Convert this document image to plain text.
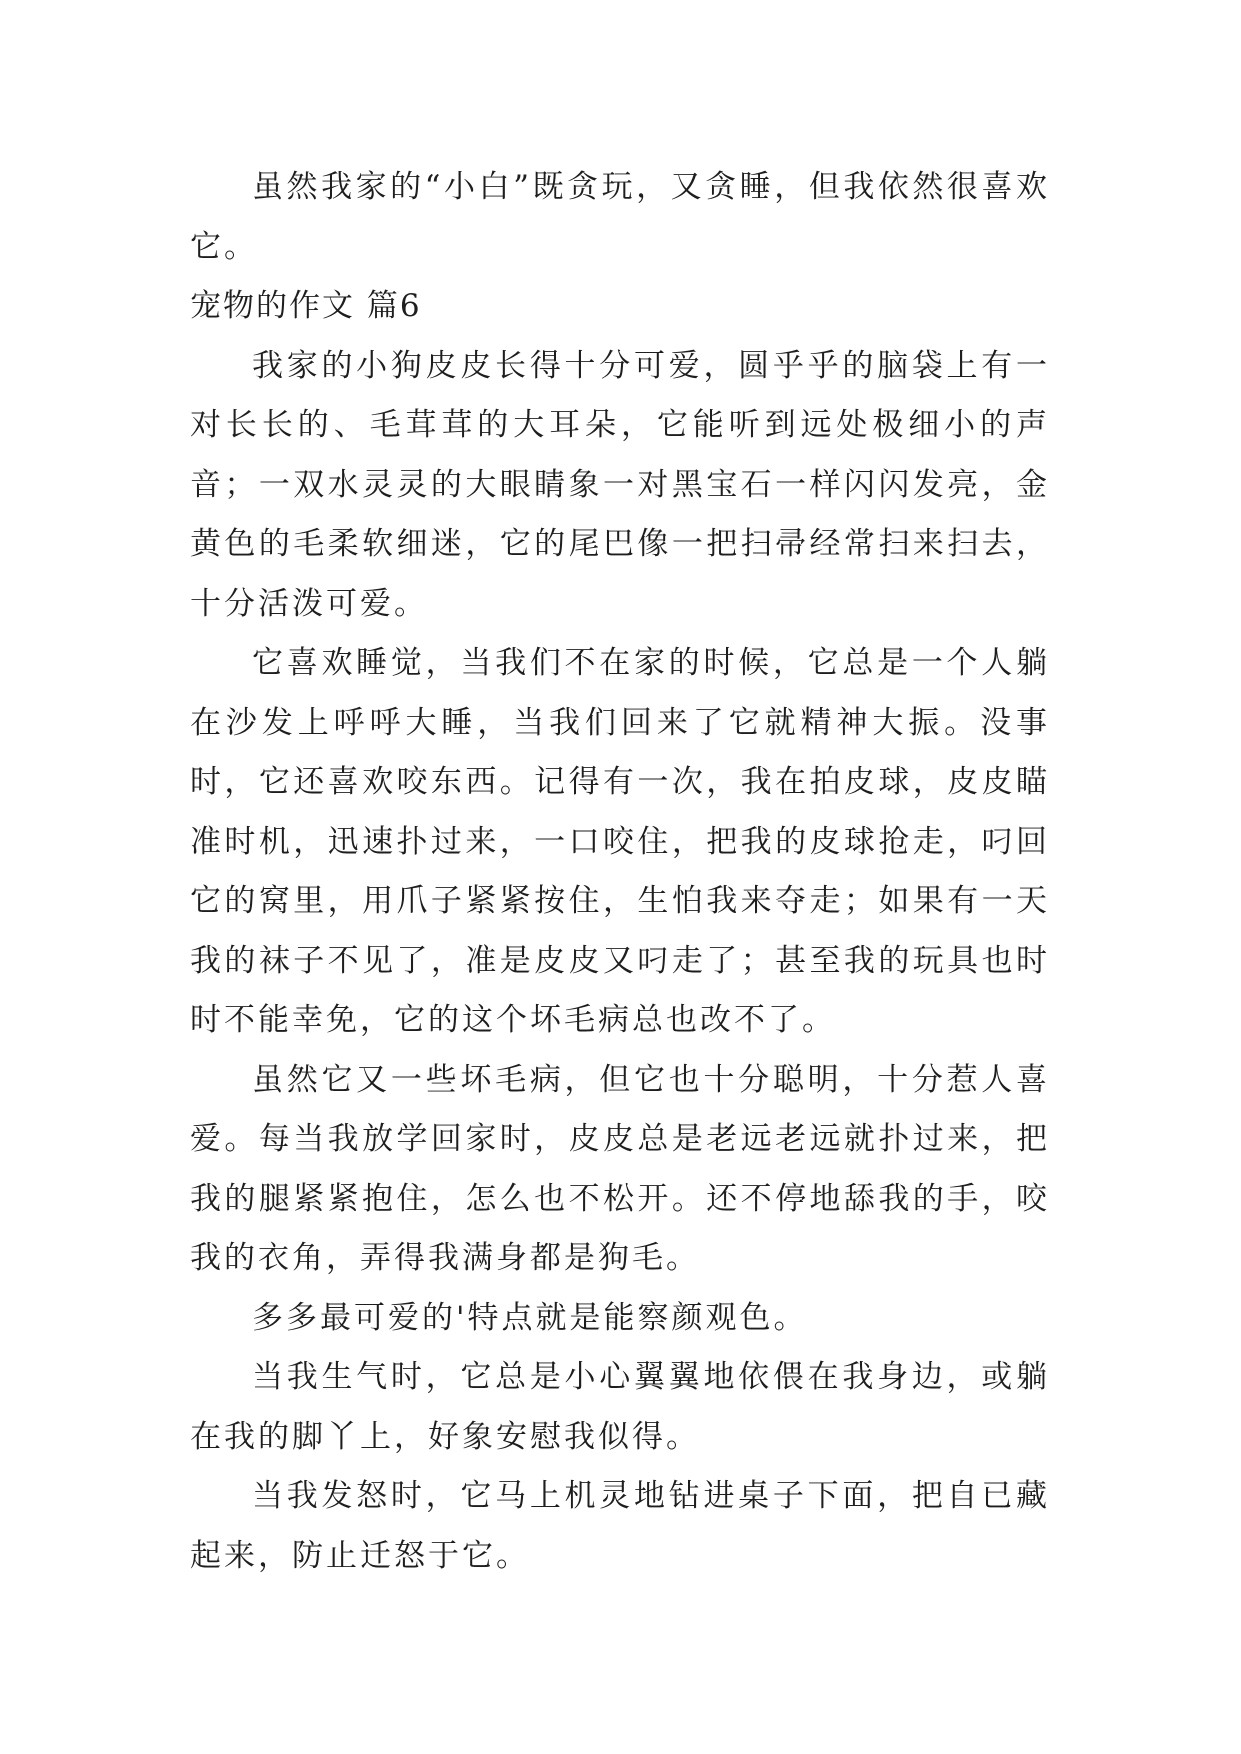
虽然我家的“小白”既贪玩，又贪睡，但我依然很喜欢它。

宠物的作文 篇6

我家的小狗皮皮长得十分可爱，圆乎乎的脑袋上有一对长长的、毛茸茸的大耳朵，它能听到远处极细小的声音；一双水灵灵的大眼睛象一对黑宝石一样闪闪发亮，金黄色的毛柔软细迷，它的尾巴像一把扫帚经常扫来扫去，十分活泼可爱。

它喜欢睡觉，当我们不在家的时候，它总是一个人躺在沙发上呼呼大睡，当我们回来了它就精神大振。没事时，它还喜欢咬东西。记得有一次，我在拍皮球，皮皮瞄准时机，迅速扑过来，一口咬住，把我的皮球抢走，叼回它的窝里，用爪子紧紧按住，生怕我来夺走；如果有一天我的袜子不见了，准是皮皮又叼走了；甚至我的玩具也时时不能幸免，它的这个坏毛病总也改不了。

虽然它又一些坏毛病，但它也十分聪明，十分惹人喜爱。每当我放学回家时，皮皮总是老远老远就扑过来，把我的腿紧紧抱住，怎么也不松开。还不停地舔我的手，咬我的衣角，弄得我满身都是狗毛。

多多最可爱的'特点就是能察颜观色。

当我生气时，它总是小心翼翼地依偎在我身边，或躺在我的脚丫上，好象安慰我似得。

当我发怒时，它马上机灵地钻进桌子下面，把自已藏起来，防止迁怒于它。
